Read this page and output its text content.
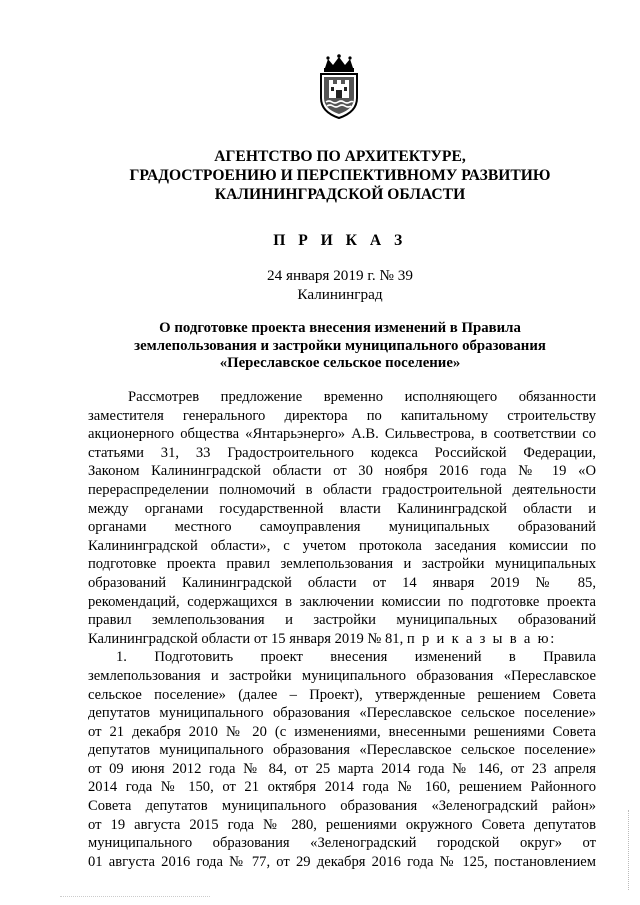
АГЕНТСТВО ПО АРХИТЕКТУРЕ,
ГРАДОСТРОЕНИЮ И ПЕРСПЕКТИВНОМУ РАЗВИТИЮ
КАЛИНИНГРАДСКОЙ ОБЛАСТИ
П Р И К А З
24 января 2019 г. № 39
Калининград
О подготовке проекта внесения изменений в Правила
землепользования и застройки муниципального образования
«Переславское сельское поселение»
Рассмотрев предложение временно исполняющего обязанности
заместителя генерального директора по капитальному строительству
акционерного общества «Янтарьэнерго» А.В. Сильвестрова, в соответствии со
статьями 31, 33 Градостроительного кодекса Российской Федерации,
Законом Калининградской области от 30 ноября 2016 года № 19 «О
перераспределении полномочий в области градостроительной деятельности
между органами государственной власти Калининградской области и
органами местного самоуправления муниципальных образований
Калининградской области», с учетом протокола заседания комиссии по
подготовке проекта правил землепользования и застройки муниципальных
образований Калининградской области от 14 января 2019 № 85,
рекомендаций, содержащихся в заключении комиссии по подготовке проекта
правил землепользования и застройки муниципальных образований
Калининградской области от 15 января 2019 № 81, п р и к а з ы в а ю:
1. Подготовить проект внесения изменений в Правила
землепользования и застройки муниципального образования «Переславское
сельское поселение» (далее – Проект), утвержденные решением Совета
депутатов муниципального образования «Переславское сельское поселение»
от 21 декабря 2010 № 20 (с изменениями, внесенными решениями Совета
депутатов муниципального образования «Переславское сельское поселение»
от 09 июня 2012 года № 84, от 25 марта 2014 года № 146, от 23 апреля
2014 года № 150, от 21 октября 2014 года № 160, решением Районного
Совета депутатов муниципального образования «Зеленоградский район»
от 19 августа 2015 года № 280, решениями окружного Совета депутатов
муниципального образования «Зеленоградский городской округ» от
01 августа 2016 года № 77, от 29 декабря 2016 года № 125, постановлением
